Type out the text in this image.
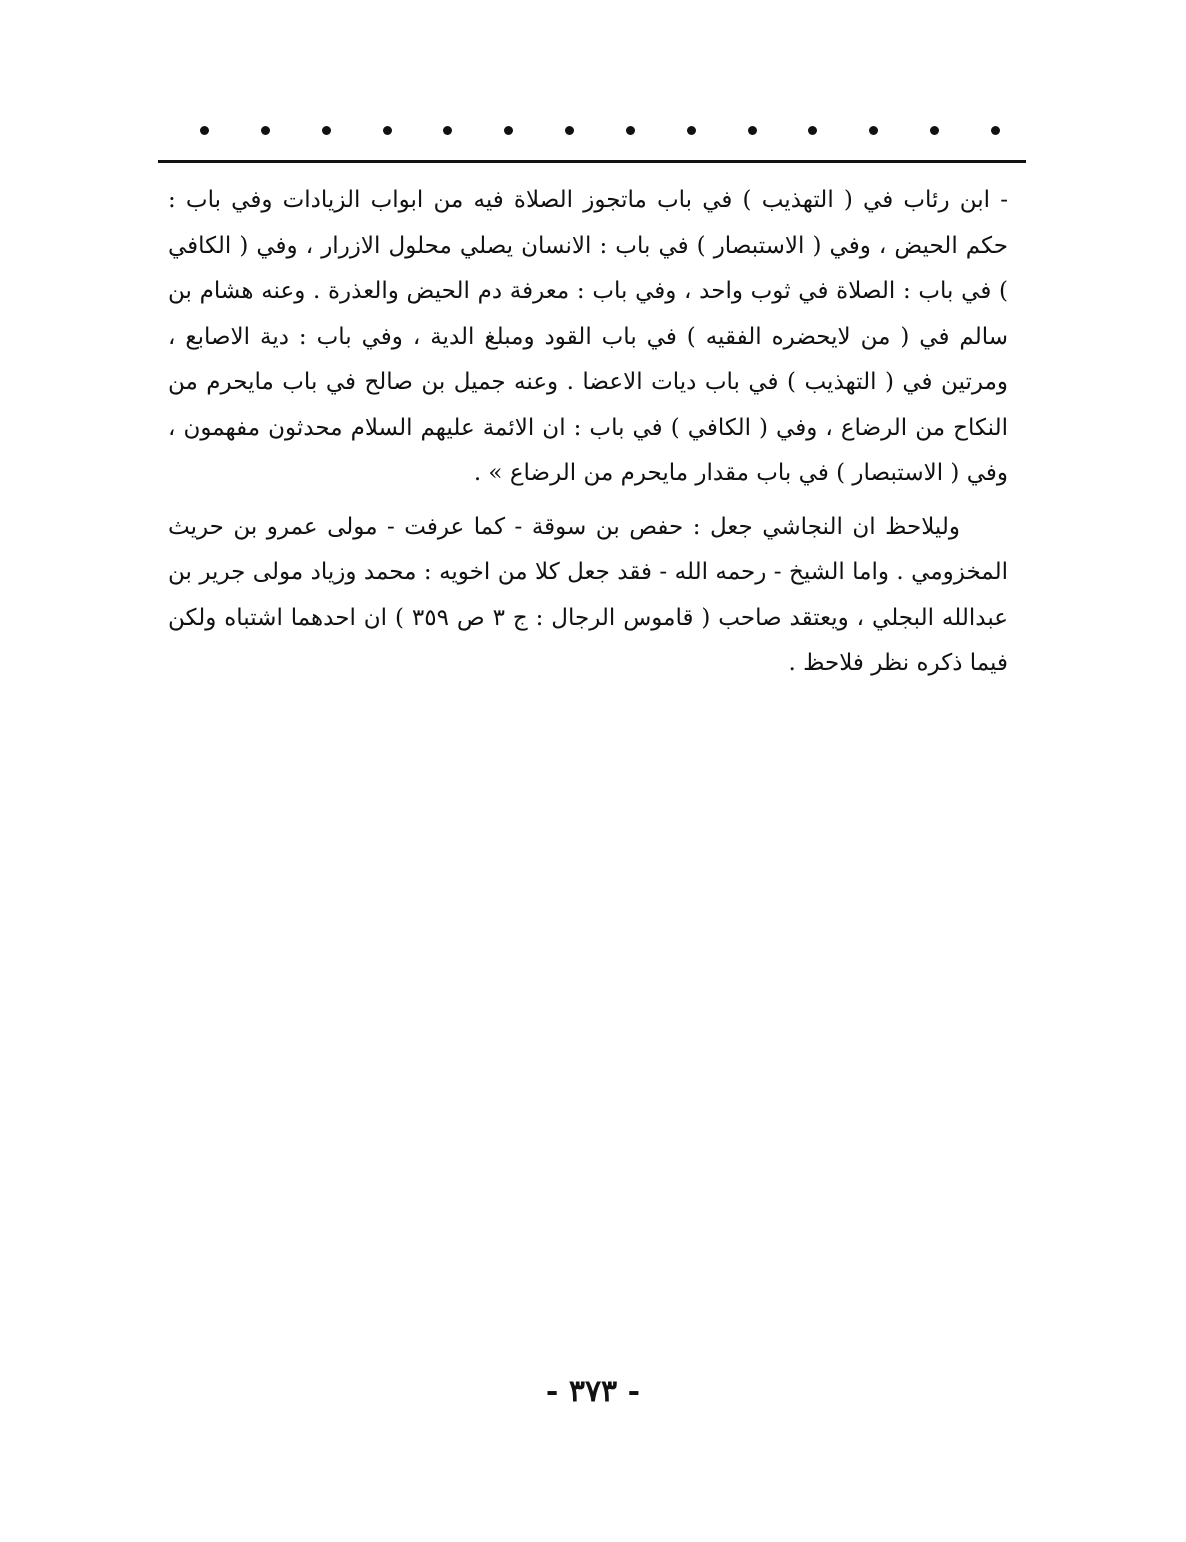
- ابن رئاب في ( التهذيب ) في باب ماتجوز الصلاة فيه من ابواب الزيادات وفي باب : حكم الحيض ، وفي ( الاستبصار ) في باب : الانسان يصلي محلول الازرار ، وفي ( الكافي ) في باب : الصلاة في ثوب واحد ، وفي باب : معرفة دم الحيض والعذرة . وعنه هشام بن سالم في ( من لايحضره الفقيه ) في باب القود ومبلغ الدية ، وفي باب : دية الاصابع ، ومرتين في ( التهذيب ) في باب ديات الاعضا . وعنه جميل بن صالح في باب مايحرم من النكاح من الرضاع ، وفي ( الكافي ) في باب : ان الائمة عليهم السلام محدثون مفهمون ، وفي ( الاستبصار ) في باب مقدار مايحرم من الرضاع » .

وليلاحظ ان النجاشي جعل : حفص بن سوقة - كما عرفت - مولى عمرو بن حريث المخزومي . واما الشيخ - رحمه الله - فقد جعل كلا من اخويه : محمد وزياد مولى جرير بن عبدالله البجلي ، ويعتقد صاحب ( قاموس الرجال : ج ٣ ص ٣٥٩ ) ان احدهما اشتباه ولكن فيما ذكره نظر فلاحظ .

- ٣٧٣ -
